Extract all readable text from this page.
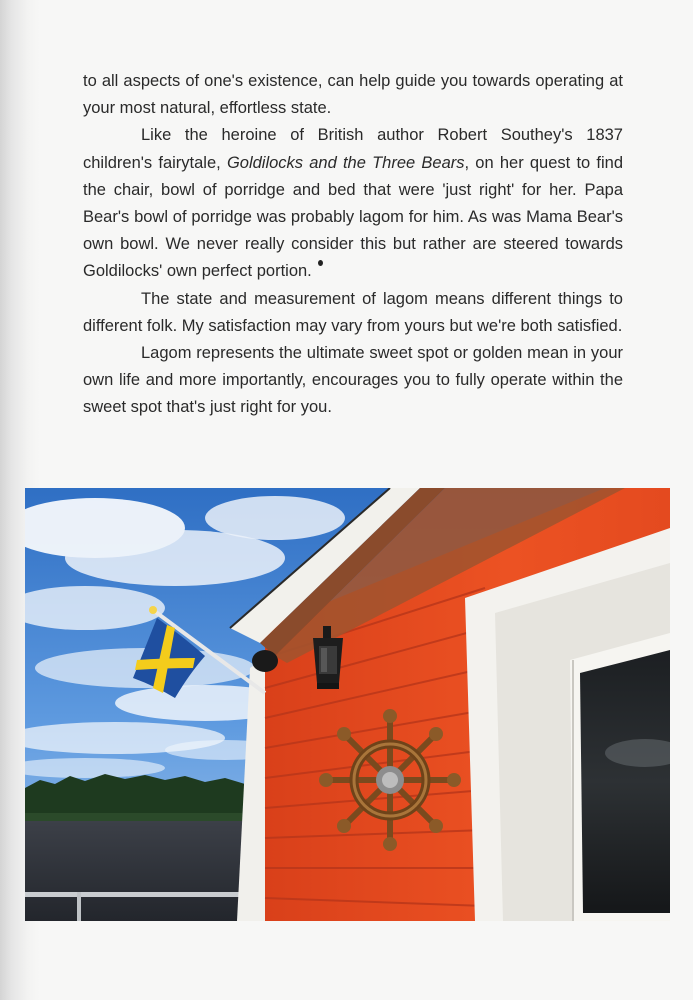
to all aspects of one's existence, can help guide you towards operating at your most natural, effortless state.

Like the heroine of British author Robert Southey's 1837 children's fairytale, Goldilocks and the Three Bears, on her quest to find the chair, bowl of porridge and bed that were 'just right' for her. Papa Bear's bowl of porridge was probably lagom for him. As was Mama Bear's own bowl. We never really consider this but rather are steered towards Goldilocks' own perfect portion.

The state and measurement of lagom means different things to different folk. My satisfaction may vary from yours but we're both satisfied.

Lagom represents the ultimate sweet spot or golden mean in your own life and more importantly, encourages you to fully operate within the sweet spot that's just right for you.
